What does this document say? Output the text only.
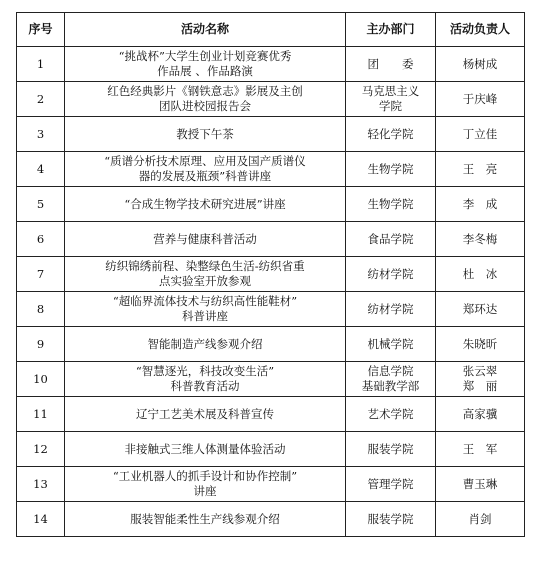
序号	活动名称	主办部门	活动负责人
1	“挑战杯”大学生创业计划竞赛优秀
作品展 、作品路演	团　　委	杨树成

2	红色经典影片《钢铁意志》影展及主创
团队进校园报告会	马克思主义
学院	于庆峰

3	教授下午茶	轻化学院	丁立佳

4	“质谱分析技术原理、应用及国产质谱仪
器的发展及瓶颈”科普讲座	生物学院	王　亮

5	“合成生物学技术研究进展”讲座	生物学院	李　成

6	营养与健康科普活动	食品学院	李冬梅

7	纺织锦绣前程、染整绿色生活-纺织省重
点实验室开放参观	纺材学院	杜　冰

8	“超临界流体技术与纺织高性能鞋材”
科普讲座	纺材学院	郑环达

9	智能制造产线参观介绍	机械学院	朱晓昕

10	“智慧逐光，科技改变生活”
科普教育活动	信息学院
基础教学部	张云翠
郑　丽

11	辽宁工艺美术展及科普宣传	艺术学院	高家骥

12	非接触式三维人体测量体验活动	服装学院	王　军

13	“工业机器人的抓手设计和协作控制”
讲座	管理学院	曹玉琳

14	服装智能柔性生产线参观介绍	服装学院	肖剑
